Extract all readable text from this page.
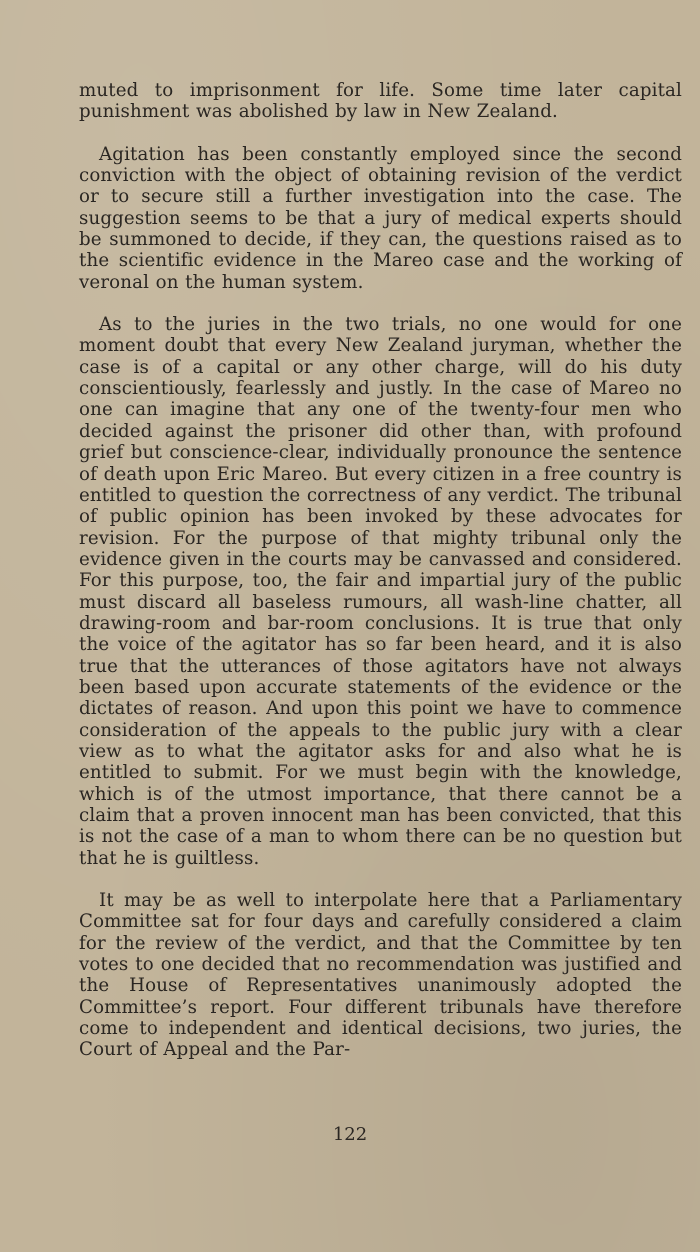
muted to imprisonment for life. Some time later capital punishment was abolished by law in New Zealand.

Agitation has been constantly employed since the second conviction with the object of obtaining revision of the verdict or to secure still a further investigation into the case. The suggestion seems to be that a jury of medical experts should be summoned to decide, if they can, the questions raised as to the scientific evidence in the Mareo case and the working of veronal on the human system.

As to the juries in the two trials, no one would for one moment doubt that every New Zealand juryman, whether the case is of a capital or any other charge, will do his duty conscientiously, fearlessly and justly. In the case of Mareo no one can imagine that any one of the twenty-four men who decided against the prisoner did other than, with profound grief but conscience-clear, individually pronounce the sentence of death upon Eric Mareo. But every citizen in a free country is entitled to question the correctness of any verdict. The tribunal of public opinion has been invoked by these advocates for revision. For the purpose of that mighty tribunal only the evidence given in the courts may be canvassed and considered. For this purpose, too, the fair and impartial jury of the public must discard all baseless rumours, all wash-line chatter, all drawing-room and bar-room conclusions. It is true that only the voice of the agitator has so far been heard, and it is also true that the utterances of those agitators have not always been based upon accurate statements of the evidence or the dictates of reason. And upon this point we have to commence consideration of the appeals to the public jury with a clear view as to what the agitator asks for and also what he is entitled to submit. For we must begin with the knowledge, which is of the utmost importance, that there cannot be a claim that a proven innocent man has been convicted, that this is not the case of a man to whom there can be no question but that he is guiltless.

It may be as well to interpolate here that a Parliamentary Committee sat for four days and carefully considered a claim for the review of the verdict, and that the Committee by ten votes to one decided that no recommendation was justified and the House of Representatives unanimously adopted the Committee’s report. Four different tribunals have therefore come to independent and identical decisions, two juries, the Court of Appeal and the Par-

122
